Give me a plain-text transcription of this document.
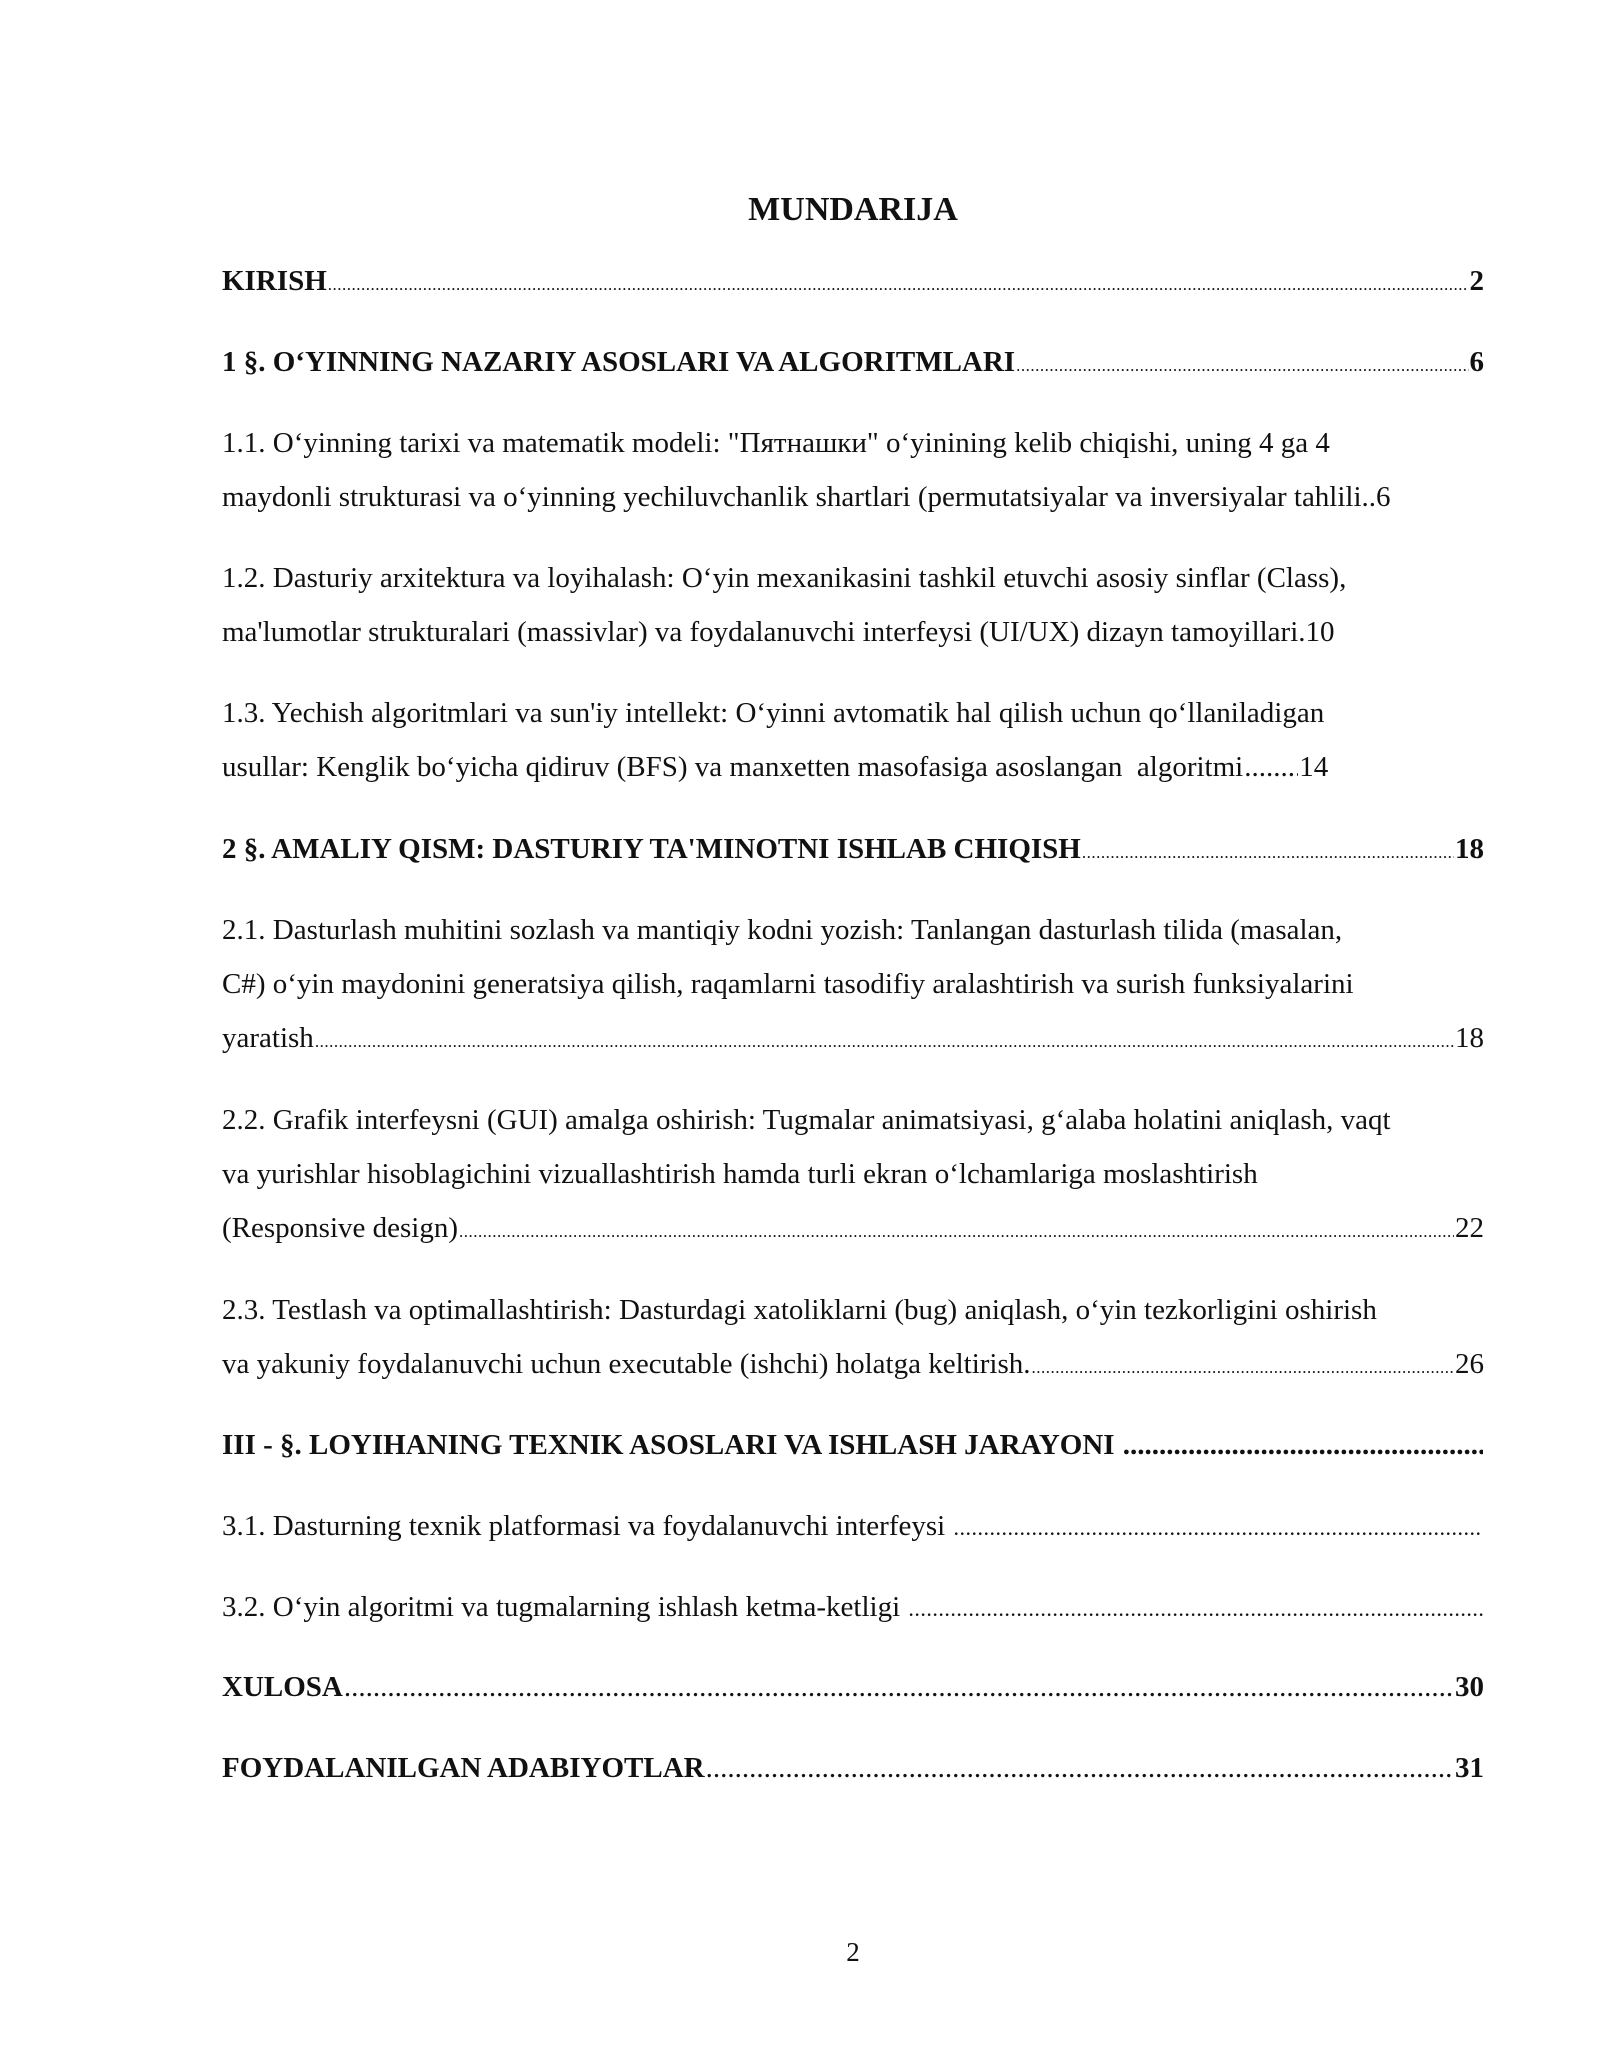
MUNDARIJA
KIRISH .....	2
1 §. O‘YINNING NAZARIY ASOSLARI VA ALGORITMLARI .....	6
1.1. O‘yinning tarixi va matematik modeli: "Пятнашки" o‘yinining kelib chiqishi, uning 4 ga 4
maydonli strukturasi va o‘yinning yechiluvchanlik shartlari (permutatsiyalar va inversiyalar tahlili.. 6
1.2. Dasturiy arxitektura va loyihalash: O‘yin mexanikasini tashkil etuvchi asosiy sinflar (Class),
ma'lumotlar strukturalari (massivlar) va foydalanuvchi interfeysi (UI/UX) dizayn tamoyillari. 10
1.3. Yechish algoritmlari va sun'iy intellekt: O‘yinni avtomatik hal qilish uchun qo‘llaniladigan
usullar: Kenglik bo‘yicha qidiruv (BFS) va manxetten masofasiga asoslangan  algoritmi ..... 14
2 §. AMALIY QISM: DASTURIY TA'MINOTNI ISHLAB CHIQISH .....	18
2.1. Dasturlash muhitini sozlash va mantiqiy kodni yozish: Tanlangan dasturlash tilida (masalan,
C#) o‘yin maydonini generatsiya qilish, raqamlarni tasodifiy aralashtirish va surish funksiyalarini
yaratish .....	18
2.2. Grafik interfeysni (GUI) amalga oshirish: Tugmalar animatsiyasi, g‘alaba holatini aniqlash, vaqt
va yurishlar hisoblagichini vizuallashtirish hamda turli ekran o‘lchamlariga moslashtirish
(Responsive design) .....	22
2.3. Testlash va optimallashtirish: Dasturdagi xatoliklarni (bug) aniqlash, o‘yin tezkorligini oshirish
va yakuniy foydalanuvchi uchun executable (ishchi) holatga keltirish. .....	26
III - §. LOYIHANING TEXNIK ASOSLARI VA ISHLASH JARAYONI
.....
3.1. Dasturning texnik platformasi va foydalanuvchi interfeysi
.....
3.2. O‘yin algoritmi va tugmalarning ishlash ketma-ketligi
.....
XULOSA .....	30
FOYDALANILGAN ADABIYOTLAR .....	31
2
